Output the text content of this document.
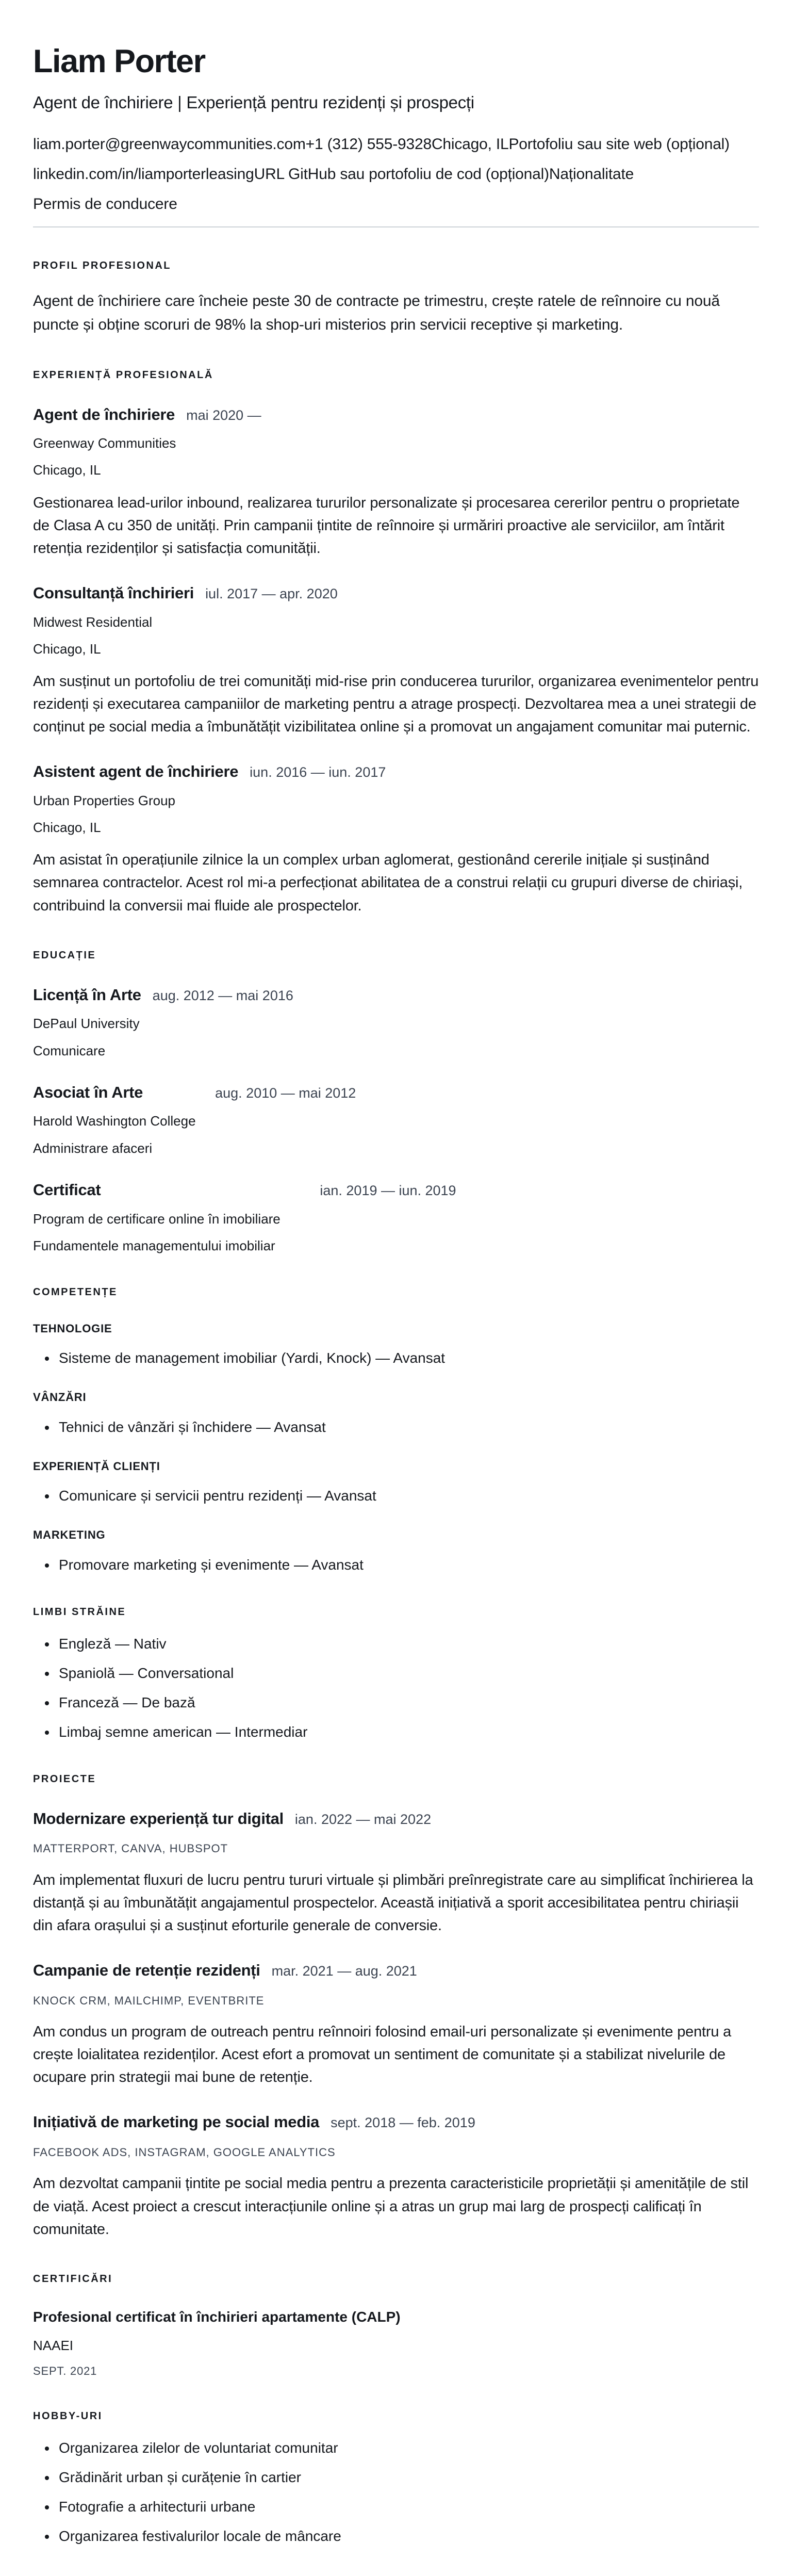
Liam Porter

Agent de închiriere | Experiență pentru rezidenți și prospecți

liam.porter@greenwaycommunities.com+1 (312) 555-9328Chicago, ILPortofoliu sau site web (opțional)
linkedin.com/in/liamporterleasingURL GitHub sau portofoliu de cod (opțional)Naționalitate
Permis de conducere
PROFIL PROFESIONAL

Agent de închiriere care încheie peste 30 de contracte pe trimestru, crește ratele de reînnoire cu nouă puncte și obține scoruri de 98% la shop-uri misterios prin servicii receptive și marketing.

EXPERIENȚĂ PROFESIONALĂ
Agent de închiriere mai 2020 —
Greenway Communities
Chicago, IL

Gestionarea lead-urilor inbound, realizarea tururilor personalizate și procesarea cererilor pentru o proprietate de Clasa A cu 350 de unități. Prin campanii țintite de reînnoire și urmăriri proactive ale serviciilor, am întărit retenția rezidenților și satisfacția comunității.

Consultanță închirieri iul. 2017 — apr. 2020
Midwest Residential
Chicago, IL

Am susținut un portofoliu de trei comunități mid-rise prin conducerea tururilor, organizarea evenimentelor pentru rezidenți și executarea campaniilor de marketing pentru a atrage prospecți. Dezvoltarea mea a unei strategii de conținut pe social media a îmbunătățit vizibilitatea online și a promovat un angajament comunitar mai puternic.

Asistent agent de închiriere iun. 2016 — iun. 2017
Urban Properties Group
Chicago, IL

Am asistat în operațiunile zilnice la un complex urban aglomerat, gestionând cererile inițiale și susținând semnarea contractelor. Acest rol mi-a perfecționat abilitatea de a construi relații cu grupuri diverse de chiriași, contribuind la conversii mai fluide ale prospectelor.

EDUCAȚIE
Licență în Arte aug. 2012 — mai 2016
DePaul University
Comunicare
Asociat în Arte	aug. 2010 — mai 2012
Harold Washington College
Administrare afaceri
Certificat	ian. 2019 — iun. 2019
Program de certificare online în imobiliare
Fundamentele managementului imobiliar
COMPETENȚE
TEHNOLOGIE
• Sisteme de management imobiliar (Yardi, Knock) — Avansat
VÂNZĂRI
• Tehnici de vânzări și închidere — Avansat
EXPERIENȚĂ CLIENȚI
• Comunicare și servicii pentru rezidenți — Avansat
MARKETING
• Promovare marketing și evenimente — Avansat
LIMBI STRĂINE
• Engleză — Nativ
• Spaniolă — Conversational
• Franceză — De bază
• Limbaj semne american — Intermediar
PROIECTE
Modernizare experiență tur digital ian. 2022 — mai 2022
MATTERPORT, CANVA, HUBSPOT

Am implementat fluxuri de lucru pentru tururi virtuale și plimbări preînregistrate care au simplificat închirierea la distanță și au îmbunătățit angajamentul prospectelor. Această inițiativă a sporit accesibilitatea pentru chiriașii din afara orașului și a susținut eforturile generale de conversie.

Campanie de retenție rezidenți mar. 2021 — aug. 2021
KNOCK CRM, MAILCHIMP, EVENTBRITE

Am condus un program de outreach pentru reînnoiri folosind email-uri personalizate și evenimente pentru a crește loialitatea rezidenților. Acest efort a promovat un sentiment de comunitate și a stabilizat nivelurile de ocupare prin strategii mai bune de retenție.

Inițiativă de marketing pe social media sept. 2018 — feb. 2019
FACEBOOK ADS, INSTAGRAM, GOOGLE ANALYTICS

Am dezvoltat campanii țintite pe social media pentru a prezenta caracteristicile proprietății și amenitățile de stil de viață. Acest proiect a crescut interacțiunile online și a atras un grup mai larg de prospecți calificați în comunitate.

CERTIFICĂRI
Profesional certificat în închirieri apartamente (CALP)
NAAEI
SEPT. 2021
HOBBY-URI
• Organizarea zilelor de voluntariat comunitar
• Grădinărit urban și curățenie în cartier
• Fotografie a arhitecturii urbane
• Organizarea festivalurilor locale de mâncare
